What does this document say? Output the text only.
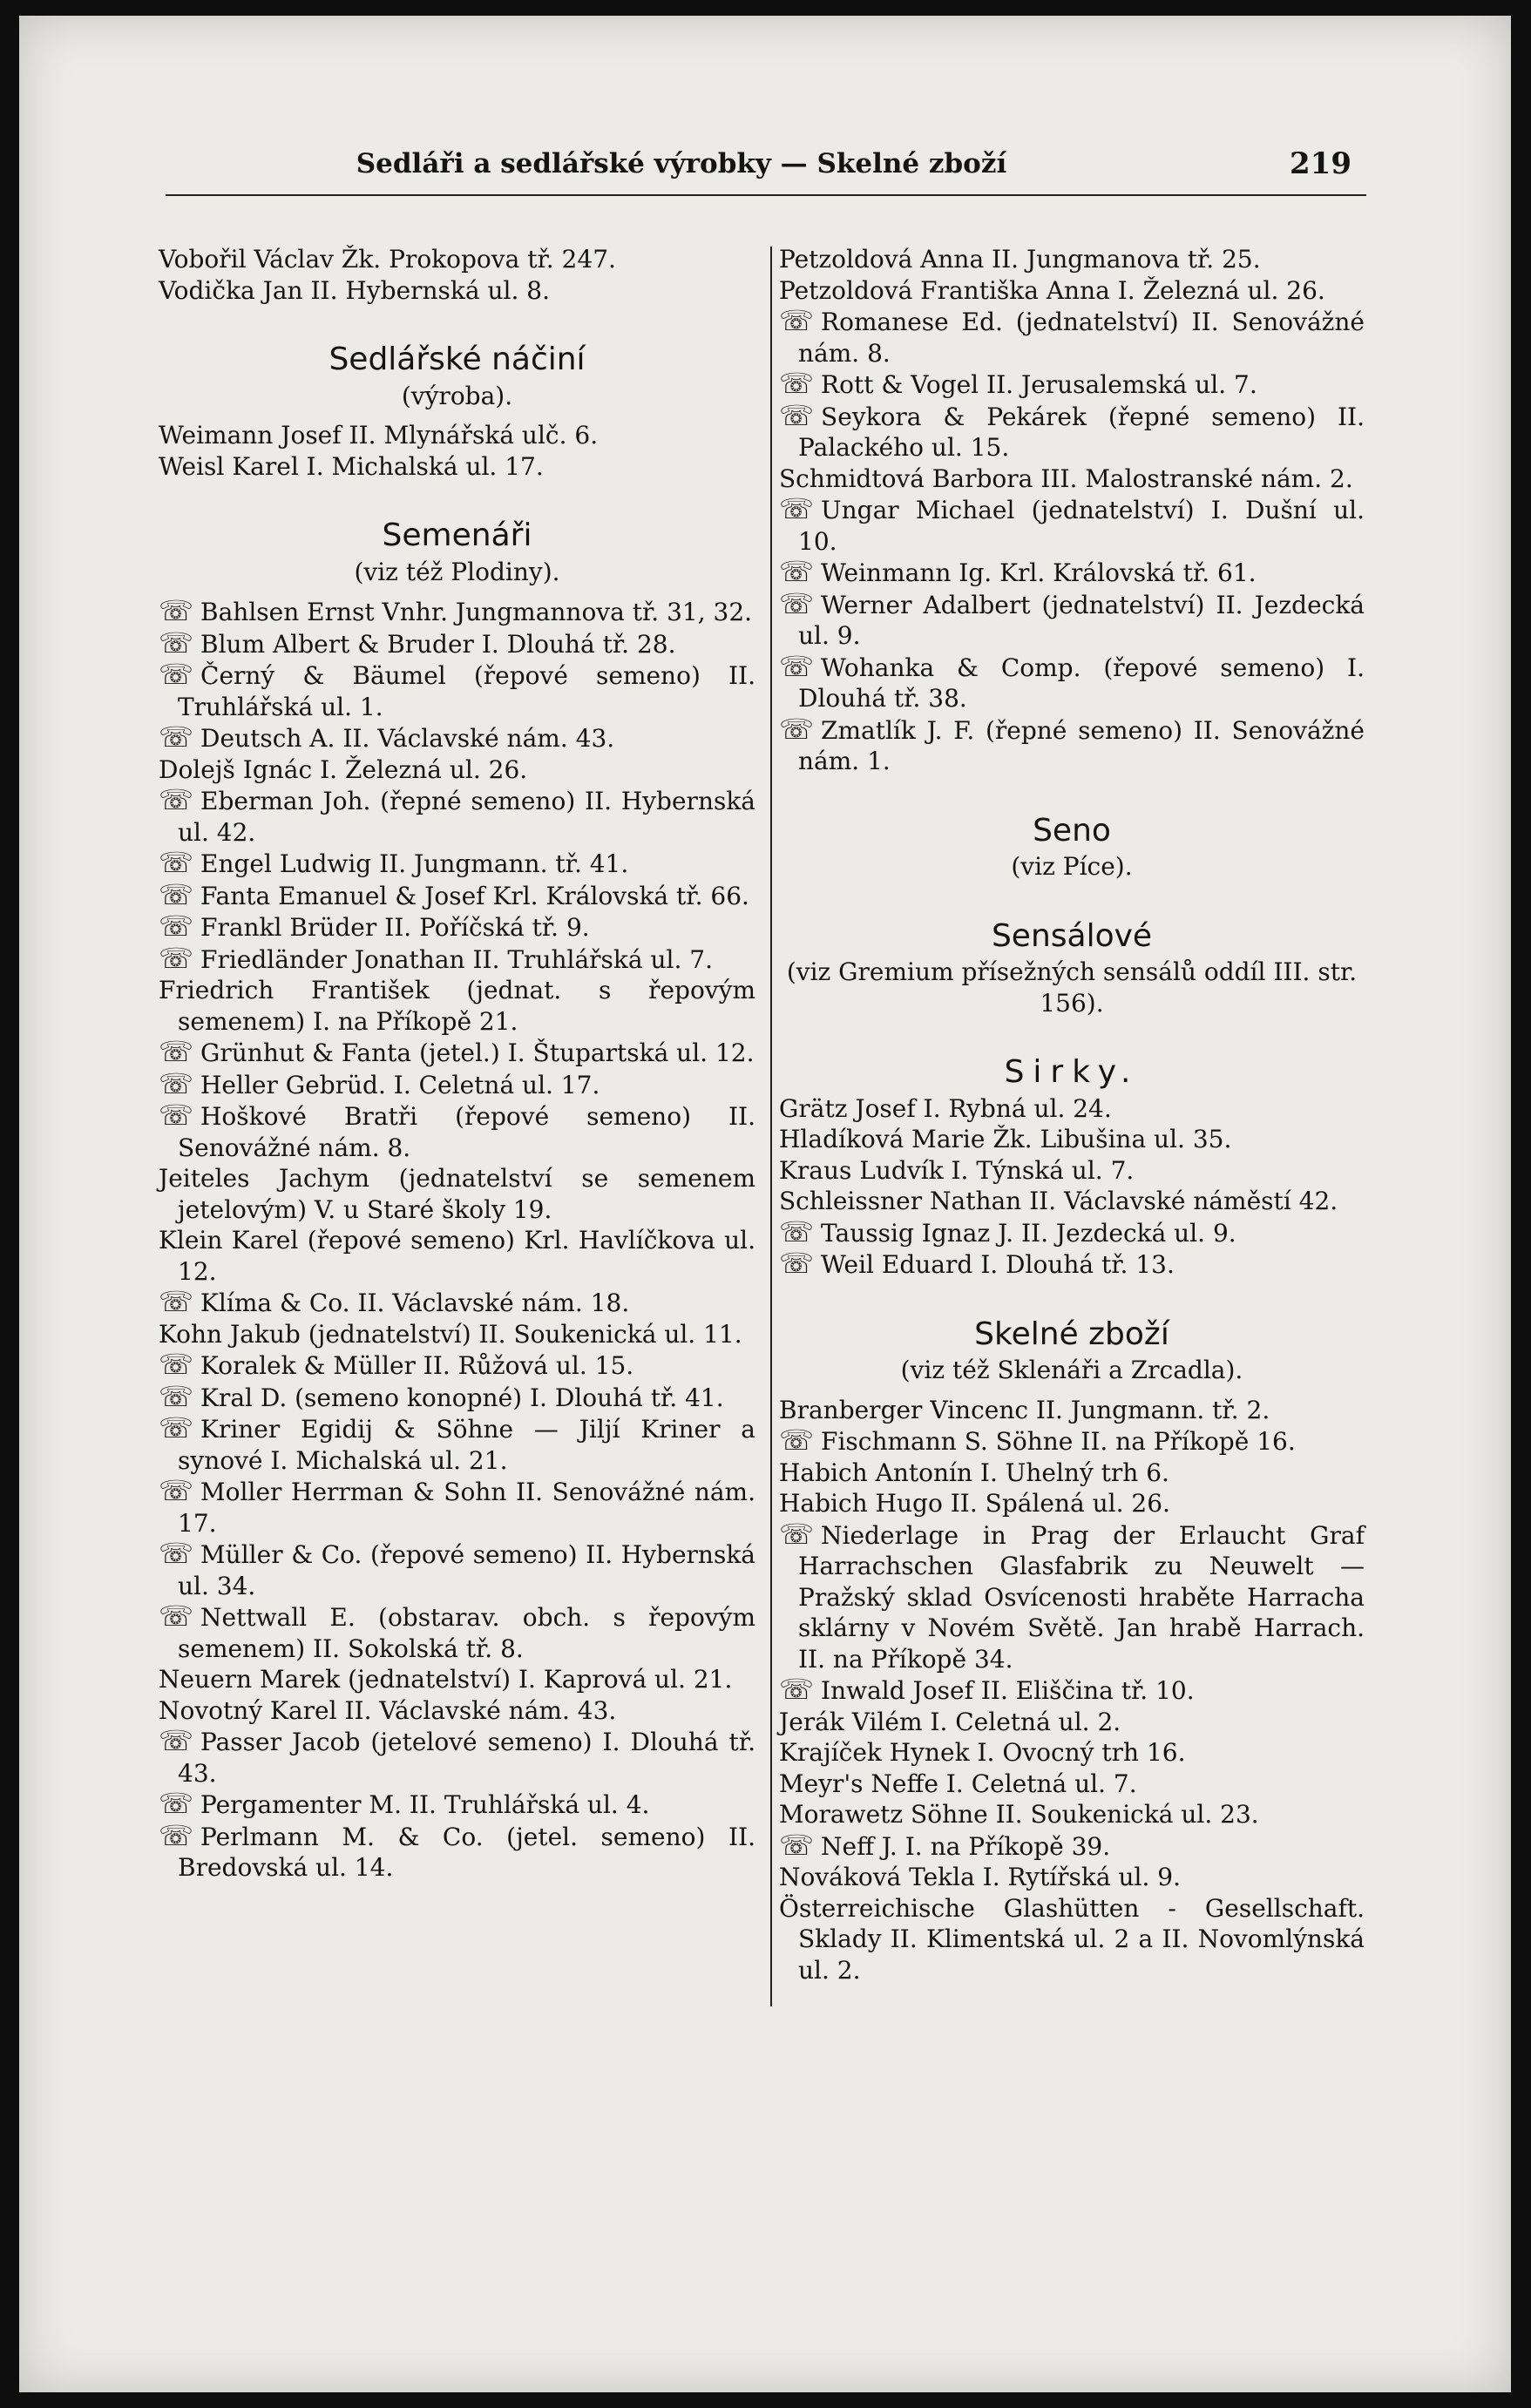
Sedláři a sedlářské výrobky — Skelné zboží	219
Vobořil Václav Žk. Prokopova tř. 247.
Vodička Jan II. Hybernská ul. 8.
Sedlářské náčiní
(výroba).
Weimann Josef II. Mlynářská ulč. 6.
Weisl Karel I. Michalská ul. 17.
Semenáři
(viz též Plodiny).
☏ Bahlsen Ernst Vnhr. Jungmannova tř. 31, 32.
☏ Blum Albert & Bruder I. Dlouhá tř. 28.
☏ Černý & Bäumel (řepové semeno) II. Truhlářská ul. 1.
☏ Deutsch A. II. Václavské nám. 43.
Dolejš Ignác I. Železná ul. 26.
☏ Eberman Joh. (řepné semeno) II. Hybernská ul. 42.
☏ Engel Ludwig II. Jungmann. tř. 41.
☏ Fanta Emanuel & Josef Krl. Královská tř. 66.
☏ Frankl Brüder II. Poříčská tř. 9.
☏ Friedländer Jonathan II. Truhlářská ul. 7.
Friedrich František (jednat. s řepovým semenem) I. na Příkopě 21.
☏ Grünhut & Fanta (jetel.) I. Štupartská ul. 12.
☏ Heller Gebrüd. I. Celetná ul. 17.
☏ Hoškové Bratři (řepové semeno) II. Senovážné nám. 8.
Jeiteles Jachym (jednatelství se semenem jetelovým) V. u Staré školy 19.
Klein Karel (řepové semeno) Krl. Havlíčkova ul. 12.
☏ Klíma & Co. II. Václavské nám. 18.
Kohn Jakub (jednatelství) II. Soukenická ul. 11.
☏ Koralek & Müller II. Růžová ul. 15.
☏ Kral D. (semeno konopné) I. Dlouhá tř. 41.
☏ Kriner Egidij & Söhne — Jiljí Kriner a synové I. Michalská ul. 21.
☏ Moller Herrman & Sohn II. Senovážné nám. 17.
☏ Müller & Co. (řepové semeno) II. Hybernská ul. 34.
☏ Nettwall E. (obstarav. obch. s řepovým semenem) II. Sokolská tř. 8.
Neuern Marek (jednatelství) I. Kaprová ul. 21.
Novotný Karel II. Václavské nám. 43.
☏ Passer Jacob (jetelové semeno) I. Dlouhá tř. 43.
☏ Pergamenter M. II. Truhlářská ul. 4.
☏ Perlmann M. & Co. (jetel. semeno) II. Bredovská ul. 14.
Petzoldová Anna II. Jungmanova tř. 25.
Petzoldová Františka Anna I. Železná ul. 26.
☏ Romanese Ed. (jednatelství) II. Senovážné nám. 8.
☏ Rott & Vogel II. Jerusalemská ul. 7.
☏ Seykora & Pekárek (řepné semeno) II. Palackého ul. 15.
Schmidtová Barbora III. Malostranské nám. 2.
☏ Ungar Michael (jednatelství) I. Dušní ul. 10.
☏ Weinmann Ig. Krl. Královská tř. 61.
☏ Werner Adalbert (jednatelství) II. Jezdecká ul. 9.
☏ Wohanka & Comp. (řepové semeno) I. Dlouhá tř. 38.
☏ Zmatlík J. F. (řepné semeno) II. Senovážné nám. 1.
Seno
(viz Píce).
Sensálové
(viz Gremium přísežných sensálů oddíl III. str. 156).
Sirky.
Grätz Josef I. Rybná ul. 24.
Hladíková Marie Žk. Libušina ul. 35.
Kraus Ludvík I. Týnská ul. 7.
Schleissner Nathan II. Václavské náměstí 42.
☏ Taussig Ignaz J. II. Jezdecká ul. 9.
☏ Weil Eduard I. Dlouhá tř. 13.
Skelné zboží
(viz též Sklenáři a Zrcadla).
Branberger Vincenc II. Jungmann. tř. 2.
☏ Fischmann S. Söhne II. na Příkopě 16.
Habich Antonín I. Uhelný trh 6.
Habich Hugo II. Spálená ul. 26.
☏ Niederlage in Prag der Erlaucht Graf Harrachschen Glasfabrik zu Neuwelt — Pražský sklad Osvícenosti hraběte Harracha sklárny v Novém Světě. Jan hrabě Harrach. II. na Příkopě 34.
☏ Inwald Josef II. Eliščina tř. 10.
Jerák Vilém I. Celetná ul. 2.
Krajíček Hynek I. Ovocný trh 16.
Meyr's Neffe I. Celetná ul. 7.
Morawetz Söhne II. Soukenická ul. 23.
☏ Neff J. I. na Příkopě 39.
Nováková Tekla I. Rytířská ul. 9.
Österreichische Glashütten - Gesellschaft. Sklady II. Klimentská ul. 2 a II. Novomlýnská ul. 2.
